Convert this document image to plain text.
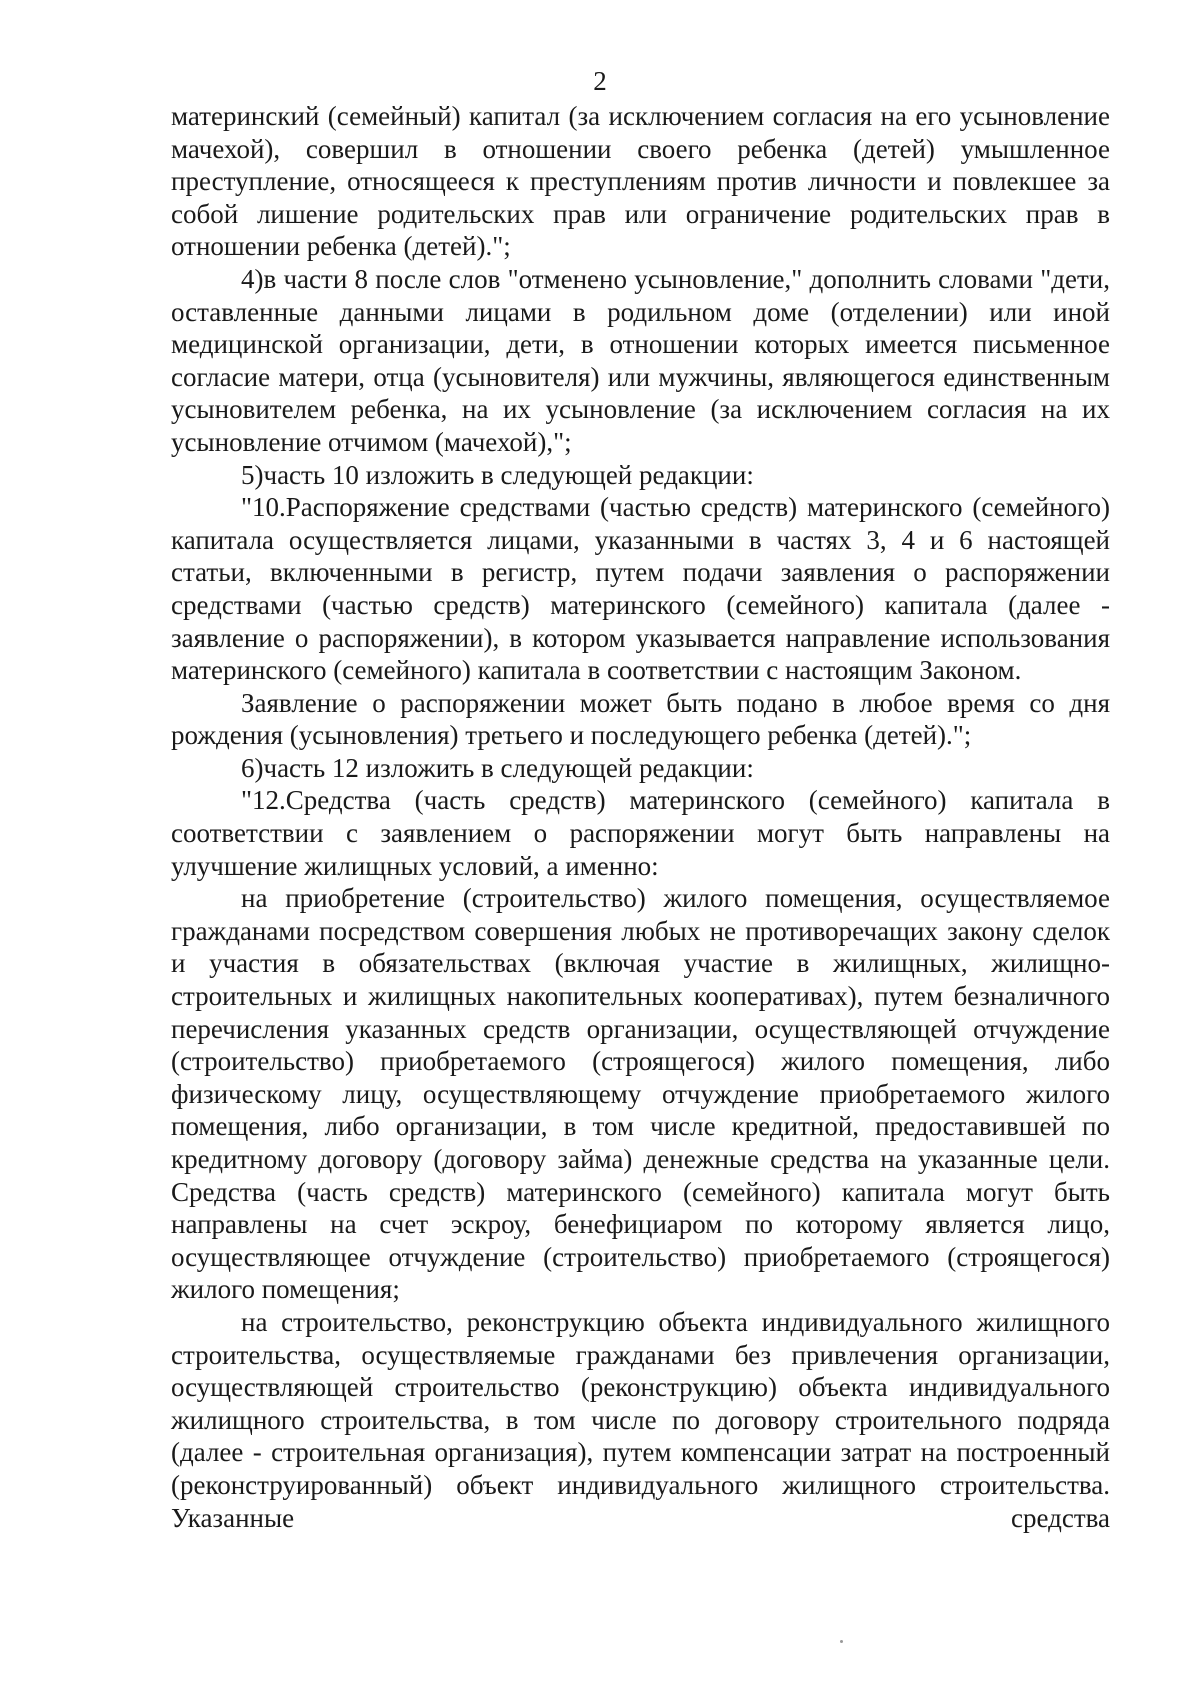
2

материнский (семейный) капитал (за исключением согласия на его усыновление мачехой), совершил в отношении своего ребенка (детей) умышленное преступление, относящееся к преступлениям против личности и повлекшее за собой лишение родительских прав или ограничение родительских прав в отношении ребенка (детей).";

4)в части 8 после слов "отменено усыновление," дополнить словами "дети, оставленные данными лицами в родильном доме (отделении) или иной медицинской организации, дети, в отношении которых имеется письменное согласие матери, отца (усыновителя) или мужчины, являющегося единственным усыновителем ребенка, на их усыновление (за исключением согласия на их усыновление отчимом (мачехой),";

5)часть 10 изложить в следующей редакции:

"10.Распоряжение средствами (частью средств) материнского (семейного) капитала осуществляется лицами, указанными в частях 3, 4 и 6 настоящей статьи, включенными в регистр, путем подачи заявления о распоряжении средствами (частью средств) материнского (семейного) капитала (далее - заявление о распоряжении), в котором указывается направление использования материнского (семейного) капитала в соответствии с настоящим Законом.

Заявление о распоряжении может быть подано в любое время со дня рождения (усыновления) третьего и последующего ребенка (детей).";

6)часть 12 изложить в следующей редакции:

"12.Средства (часть средств) материнского (семейного) капитала в соответствии с заявлением о распоряжении могут быть направлены на улучшение жилищных условий, а именно:

на приобретение (строительство) жилого помещения, осуществляемое гражданами посредством совершения любых не противоречащих закону сделок и участия в обязательствах (включая участие в жилищных, жилищно-строительных и жилищных накопительных кооперативах), путем безналичного перечисления указанных средств организации, осуществляющей отчуждение (строительство) приобретаемого (строящегося) жилого помещения, либо физическому лицу, осуществляющему отчуждение приобретаемого жилого помещения, либо организации, в том числе кредитной, предоставившей по кредитному договору (договору займа) денежные средства на указанные цели. Средства (часть средств) материнского (семейного) капитала могут быть направлены на счет эскроу, бенефициаром по которому является лицо, осуществляющее отчуждение (строительство) приобретаемого (строящегося) жилого помещения;

на строительство, реконструкцию объекта индивидуального жилищного строительства, осуществляемые гражданами без привлечения организации, осуществляющей строительство (реконструкцию) объекта индивидуального жилищного строительства, в том числе по договору строительного подряда (далее - строительная организация), путем компенсации затрат на построенный (реконструированный) объект индивидуального жилищного строительства. Указанные средства
